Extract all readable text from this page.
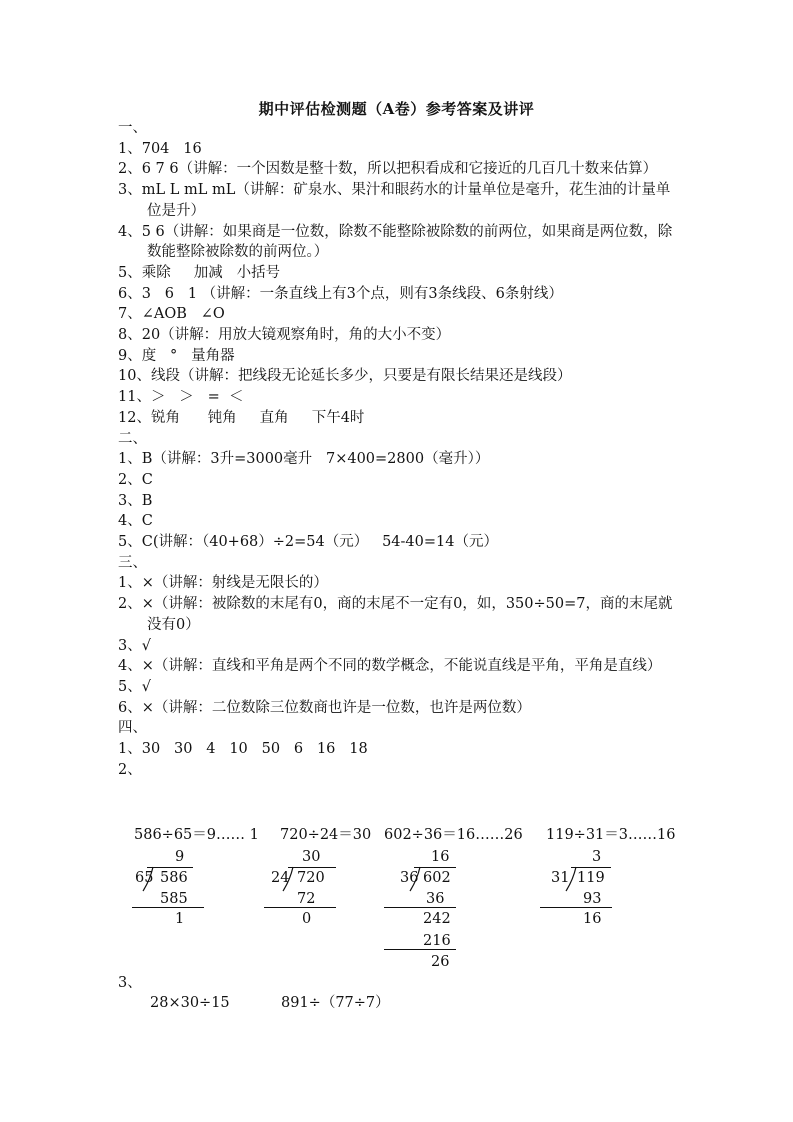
期中评估检测题（A卷）参考答案及讲评
一、
1、704   16
2、6 7 6（讲解：一个因数是整十数，所以把积看成和它接近的几百几十数来估算）
3、mL L mL mL（讲解：矿泉水、果汁和眼药水的计量单位是毫升，花生油的计量单位是升）
4、5 6（讲解：如果商是一位数，除数不能整除被除数的前两位，如果商是两位数，除数能整除被除数的前两位。）
5、乘除     加减   小括号
6、3   6   1 （讲解：一条直线上有3个点，则有3条线段、6条射线）
7、∠AOB   ∠O
8、20（讲解：用放大镜观察角时，角的大小不变）
9、度   °   量角器
10、线段（讲解：把线段无论延长多少，只要是有限长结果还是线段）
11、＞   ＞   =  ＜
12、锐角      钝角     直角     下午4时
二、
1、B（讲解：3升=3000毫升   7×400=2800（毫升））
2、C
3、B
4、C
5、C(讲解：（40+68）÷2=54（元）   54-40=14（元）
三、
1、×（讲解：射线是无限长的）
2、×（讲解：被除数的末尾有0，商的末尾不一定有0，如，350÷50=7，商的末尾就没有0）
3、√
4、×（讲解：直线和平角是两个不同的数学概念，不能说直线是平角，平角是直线）
5、√
6、×（讲解：二位数除三位数商也许是一位数，也许是两位数）
四、
1、30   30   4   10   50   6   16   18
2、
586÷65＝9…… 1 720÷24＝30 602÷36＝16……26 119÷31＝3……16
9
65 586
585
1
30
24 720
72
0
16
36 602
36
242
216
26
3
31 119
93
16
3、
28×30÷15	891÷（77÷7）
